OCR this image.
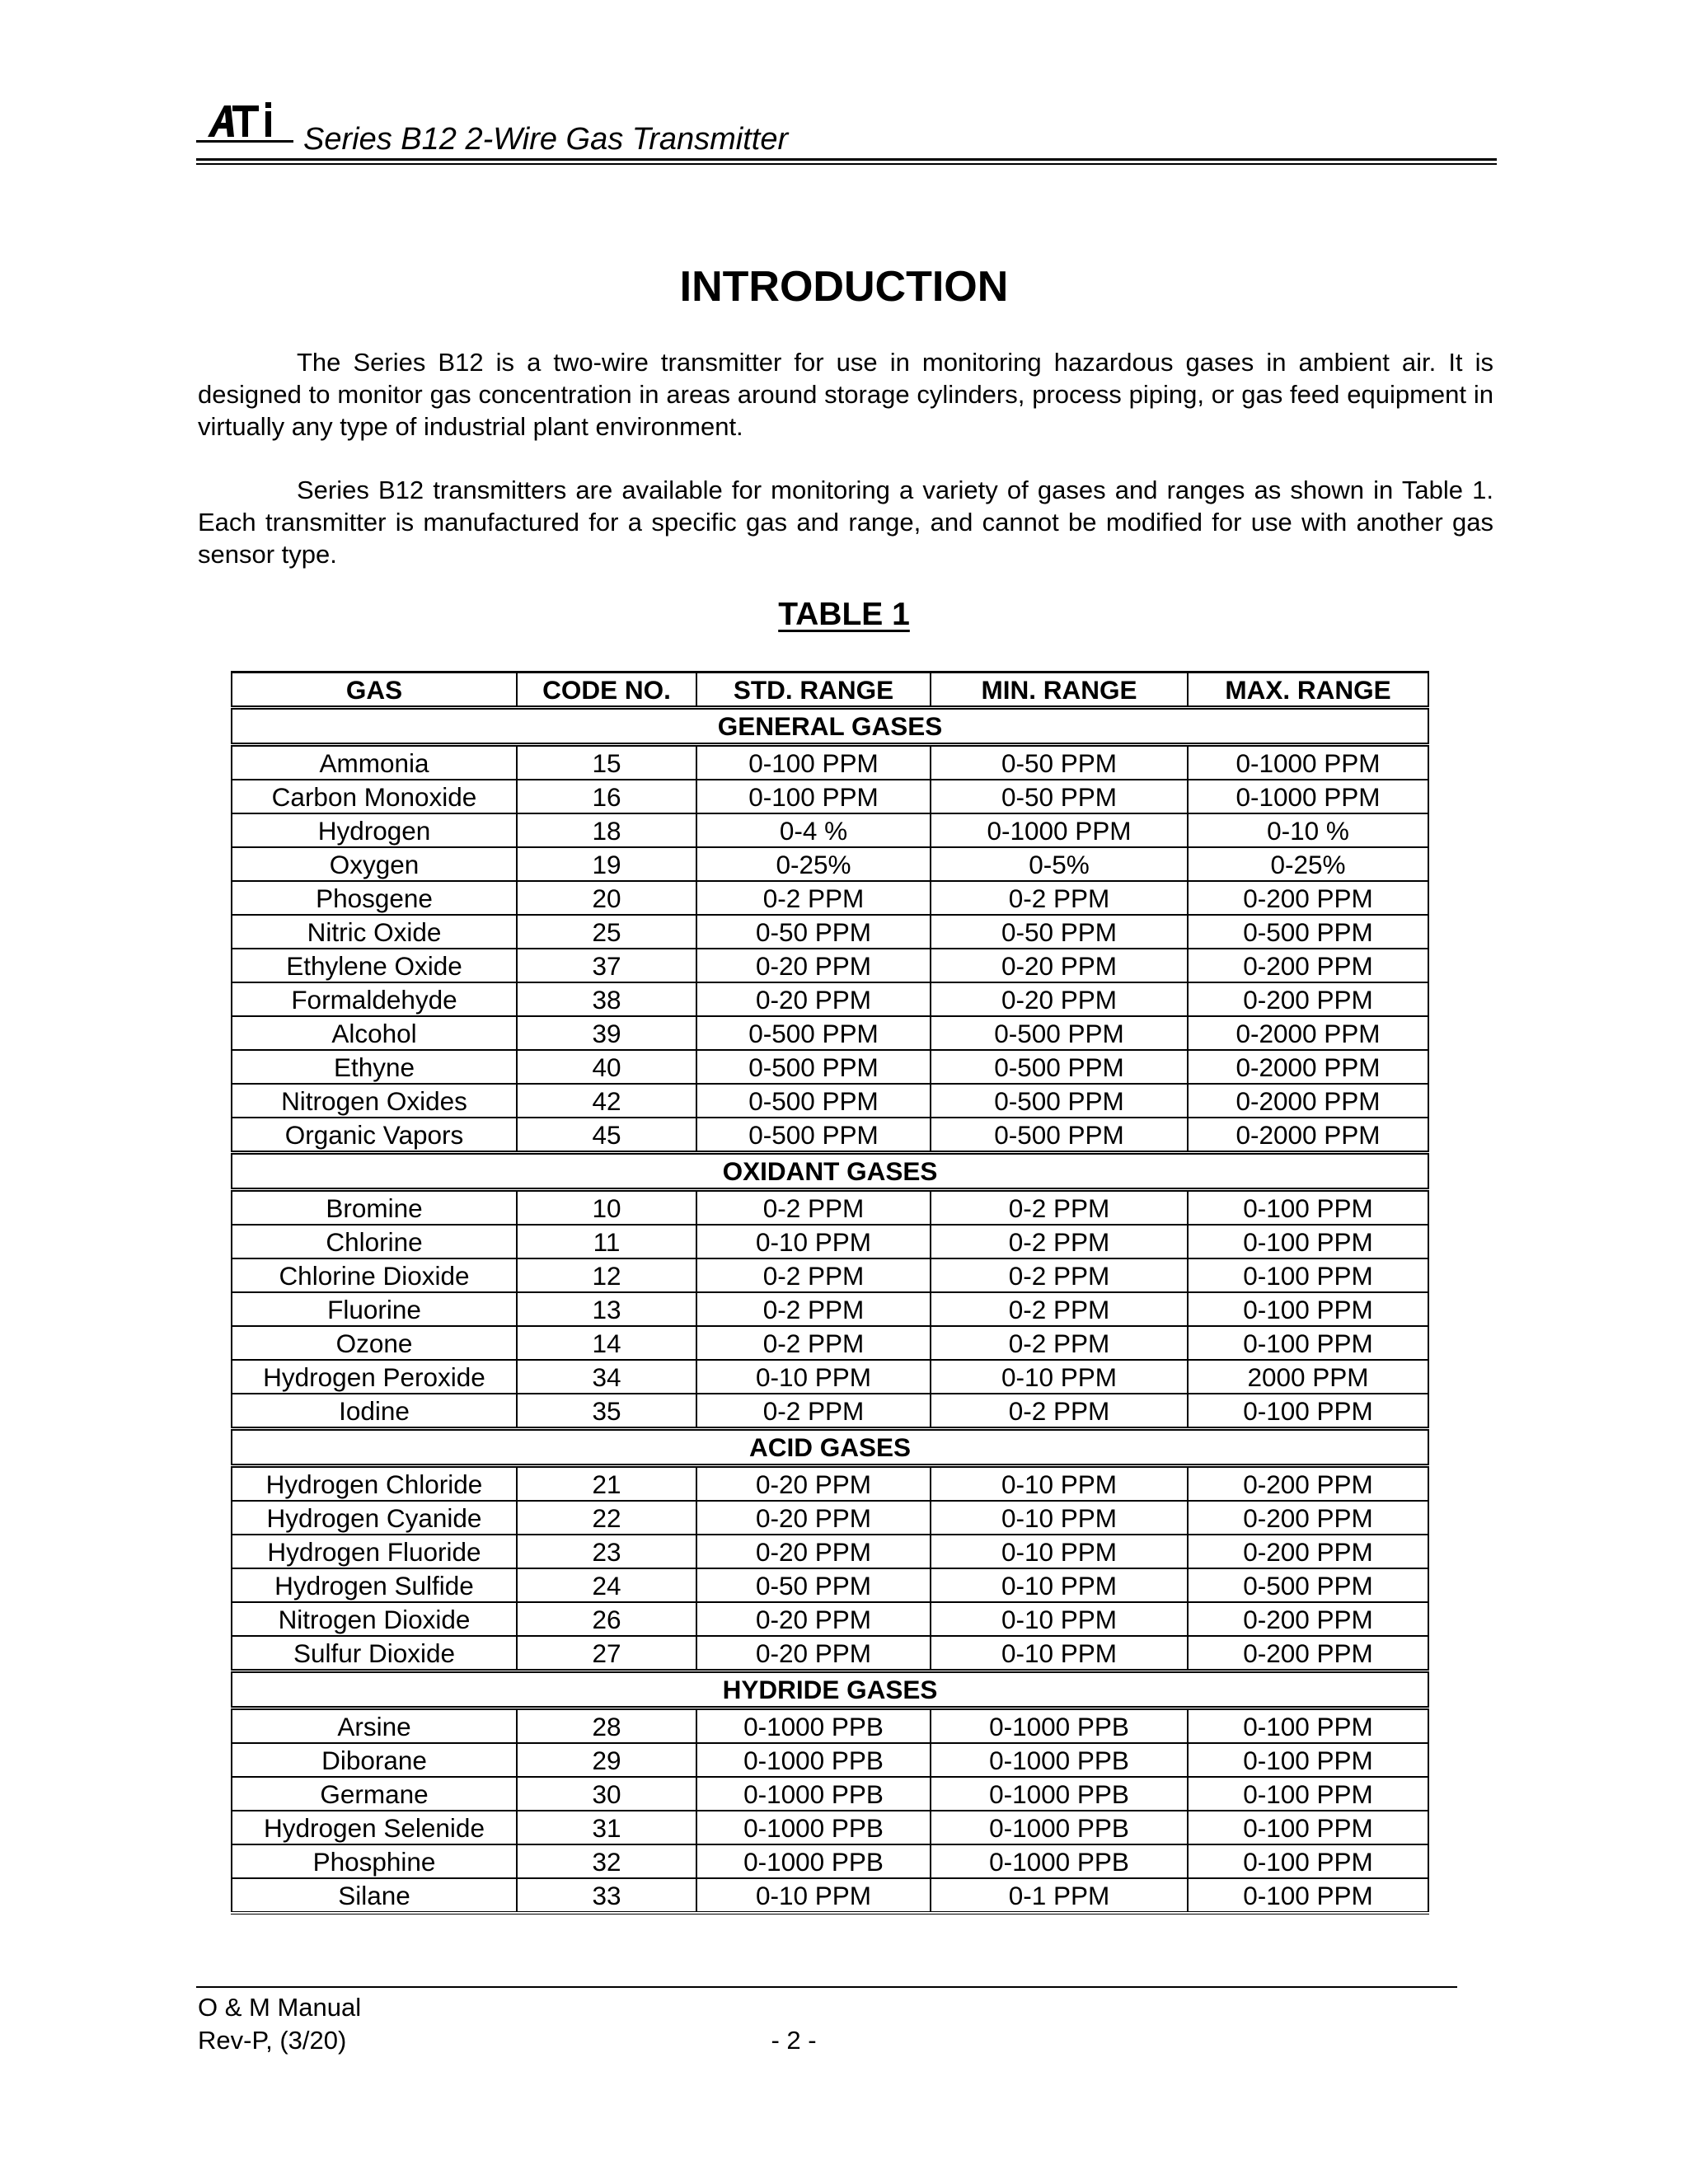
Series B12 2-Wire Gas Transmitter
INTRODUCTION

The Series B12 is a two-wire transmitter for use in monitoring hazardous gases in ambient air. It is designed to monitor gas concentration in areas around storage cylinders, process piping, or gas feed equipment in virtually any type of industrial plant environment.

Series B12 transmitters are available for monitoring a variety of gases and ranges as shown in Table 1. Each transmitter is manufactured for a specific gas and range, and cannot be modified for use with another gas sensor type.

TABLE 1
GAS	CODE NO.	STD. RANGE	MIN. RANGE	MAX. RANGE
GENERAL GASES				
Ammonia	15	0-100 PPM	0-50 PPM	0-1000 PPM
Carbon Monoxide	16	0-100 PPM	0-50 PPM	0-1000 PPM
Hydrogen	18	0-4 %	0-1000 PPM	0-10 %
Oxygen	19	0-25%	0-5%	0-25%
Phosgene	20	0-2 PPM	0-2 PPM	0-200 PPM
Nitric Oxide	25	0-50 PPM	0-50 PPM	0-500 PPM
Ethylene Oxide	37	0-20 PPM	0-20 PPM	0-200 PPM
Formaldehyde	38	0-20 PPM	0-20 PPM	0-200 PPM
Alcohol	39	0-500 PPM	0-500 PPM	0-2000 PPM
Ethyne	40	0-500 PPM	0-500 PPM	0-2000 PPM
Nitrogen Oxides	42	0-500 PPM	0-500 PPM	0-2000 PPM
Organic Vapors	45	0-500 PPM	0-500 PPM	0-2000 PPM
OXIDANT GASES				
Bromine	10	0-2 PPM	0-2 PPM	0-100 PPM
Chlorine	11	0-10 PPM	0-2 PPM	0-100 PPM
Chlorine Dioxide	12	0-2 PPM	0-2 PPM	0-100 PPM
Fluorine	13	0-2 PPM	0-2 PPM	0-100 PPM
Ozone	14	0-2 PPM	0-2 PPM	0-100 PPM
Hydrogen Peroxide	34	0-10 PPM	0-10 PPM	2000 PPM
Iodine	35	0-2 PPM	0-2 PPM	0-100 PPM
ACID GASES				
Hydrogen Chloride	21	0-20 PPM	0-10 PPM	0-200 PPM
Hydrogen Cyanide	22	0-20 PPM	0-10 PPM	0-200 PPM
Hydrogen Fluoride	23	0-20 PPM	0-10 PPM	0-200 PPM
Hydrogen Sulfide	24	0-50 PPM	0-10 PPM	0-500 PPM
Nitrogen Dioxide	26	0-20 PPM	0-10 PPM	0-200 PPM
Sulfur Dioxide	27	0-20 PPM	0-10 PPM	0-200 PPM
HYDRIDE GASES				
Arsine	28	0-1000 PPB	0-1000 PPB	0-100 PPM
Diborane	29	0-1000 PPB	0-1000 PPB	0-100 PPM
Germane	30	0-1000 PPB	0-1000 PPB	0-100 PPM
Hydrogen Selenide	31	0-1000 PPB	0-1000 PPB	0-100 PPM
Phosphine	32	0-1000 PPB	0-1000 PPB	0-100 PPM
Silane	33	0-10 PPM	0-1 PPM	0-100 PPM
O & M Manual
Rev-P, (3/20)	- 2 -
